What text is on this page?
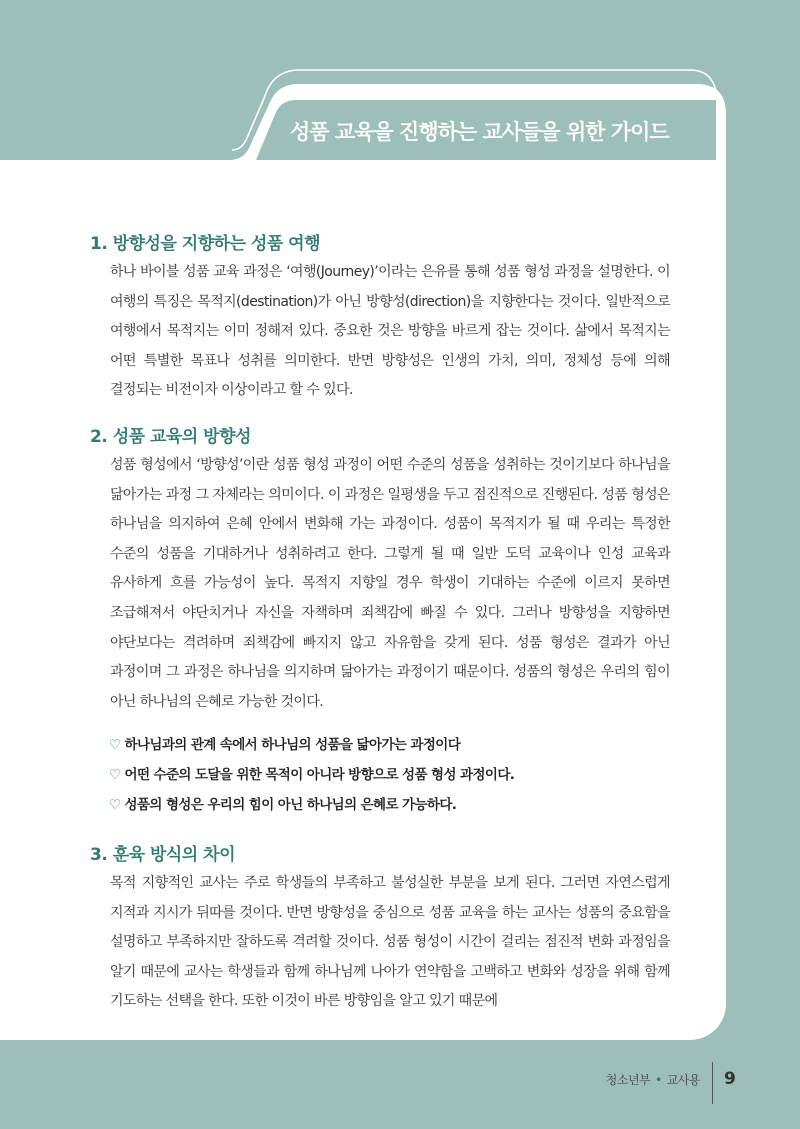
성품 교육을 진행하는 교사들을 위한 가이드
1. 방향성을 지향하는 성품 여행

하나 바이블 성품 교육 과정은 ‘여행(Journey)’이라는 은유를 통해 성품 형성 과정을 설명한다. 이 여행의 특징은 목적지(destination)가 아닌 방향성(direction)을 지향한다는 것이다. 일반적으로 여행에서 목적지는 이미 정해져 있다. 중요한 것은 방향을 바르게 잡는 것이다. 삶에서 목적지는 어떤 특별한 목표나 성취를 의미한다. 반면 방향성은 인생의 가치, 의미, 정체성 등에 의해 결정되는 비전이자 이상이라고 할 수 있다.

2. 성품 교육의 방향성

성품 형성에서 ‘방향성’이란 성품 형성 과정이 어떤 수준의 성품을 성취하는 것이기보다 하나님을 닮아가는 과정 그 자체라는 의미이다. 이 과정은 일평생을 두고 점진적으로 진행된다. 성품 형성은 하나님을 의지하여 은혜 안에서 변화해 가는 과정이다. 성품이 목적지가 될 때 우리는 특정한 수준의 성품을 기대하거나 성취하려고 한다. 그렇게 될 때 일반 도덕 교육이나 인성 교육과 유사하게 흐를 가능성이 높다. 목적지 지향일 경우 학생이 기대하는 수준에 이르지 못하면 조급해져서 야단치거나 자신을 자책하며 죄책감에 빠질 수 있다. 그러나 방향성을 지향하면 야단보다는 격려하며 죄책감에 빠지지 않고 자유함을 갖게 된다. 성품 형성은 결과가 아닌 과정이며 그 과정은 하나님을 의지하며 닮아가는 과정이기 때문이다. 성품의 형성은 우리의 힘이 아닌 하나님의 은혜로 가능한 것이다.

♡ 하나님과의 관계 속에서 하나님의 성품을 닮아가는 과정이다
♡ 어떤 수준의 도달을 위한 목적이 아니라 방향으로 성품 형성 과정이다.
♡ 성품의 형성은 우리의 힘이 아닌 하나님의 은혜로 가능하다.
3. 훈육 방식의 차이

목적 지향적인 교사는 주로 학생들의 부족하고 불성실한 부분을 보게 된다. 그러면 자연스럽게 지적과 지시가 뒤따를 것이다. 반면 방향성을 중심으로 성품 교육을 하는 교사는 성품의 중요함을 설명하고 부족하지만 잘하도록 격려할 것이다. 성품 형성이 시간이 걸리는 점진적 변화 과정임을 알기 때문에 교사는 학생들과 함께 하나님께 나아가 연약함을 고백하고 변화와 성장을 위해 함께 기도하는 선택을 한다. 또한 이것이 바른 방향임을 알고 있기 때문에

청소년부 • 교사용 9
